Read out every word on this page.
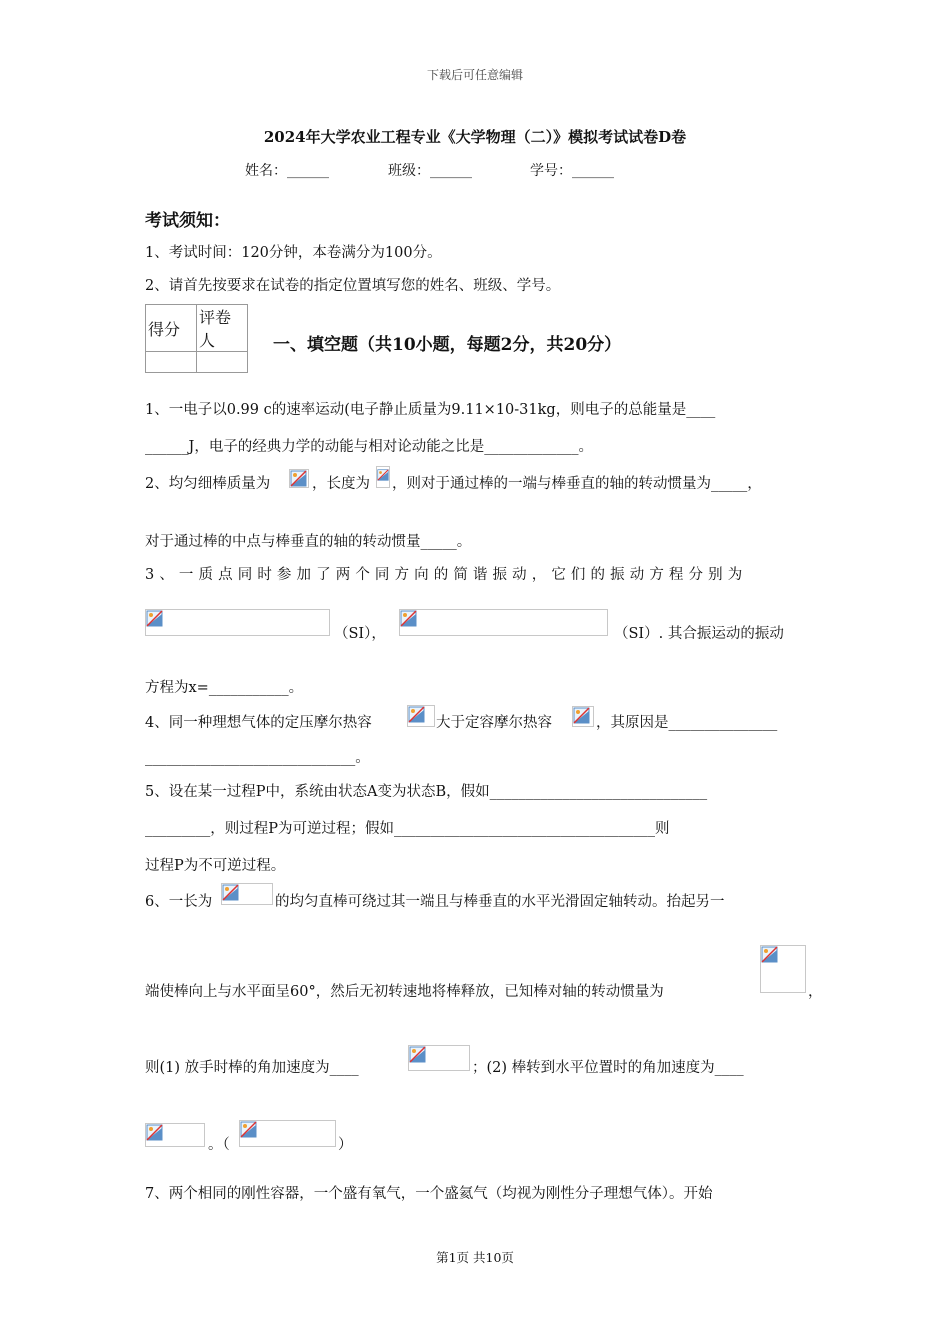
下载后可任意编辑
2024年大学农业工程专业《大学物理（二）》模拟考试试卷D卷
姓名：______	班级：______	学号：______
考试须知：
1、考试时间：120分钟，本卷满分为100分。
2、请首先按要求在试卷的指定位置填写您的姓名、班级、学号。
得分	评卷人
		一、填空题（共10小题，每题2分，共20分）
1、一电子以0.99 c的速率运动(电子静止质量为9.11×10-31kg，则电子的总能量是____
______J，电子的经典力学的动能与相对论动能之比是_____________。
2、均匀细棒质量为	，长度为 ，则对于通过棒的一端与棒垂直的轴的转动惯量为_____，
对于通过棒的中点与棒垂直的轴的转动惯量_____。
3、一质点同时参加了两个同方向的简谐振动，它们的振动方程分别为
（SI），	（SI）. 其合振运动的振动
方程为x=___________。
4、同一种理想气体的定压摩尔热容	大于定容摩尔热容	，其原因是_______________
_____________________________。
5、设在某一过程P中，系统由状态A变为状态B，假如______________________________
_________，则过程P为可逆过程；假如____________________________________则
过程P为不可逆过程。
6、一长为	的均匀直棒可绕过其一端且与棒垂直的水平光滑固定轴转动。抬起另一
端使棒向上与水平面呈60°，然后无初转速地将棒释放，已知棒对轴的转动惯量为	，
则(1) 放手时棒的角加速度为____	；(2) 棒转到水平位置时的角加速度为____
。（	）
7、两个相同的刚性容器，一个盛有氧气，一个盛氦气（均视为刚性分子理想气体）。开始
第1页 共10页
